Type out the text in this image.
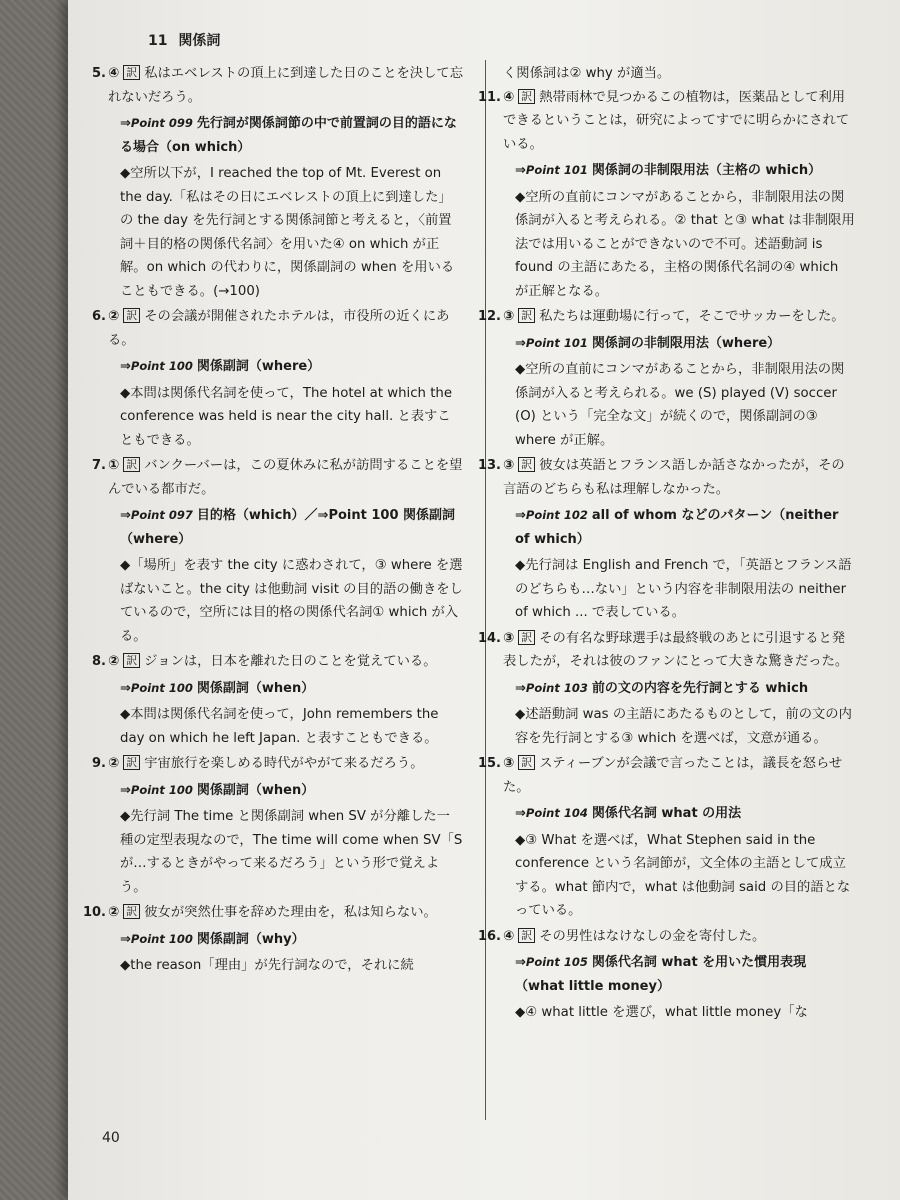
11 関係詞
40
5. ④ 訳 私はエベレストの頂上に到達した日のことを決して忘れないだろう。
⇒Point 099 先行詞が関係詞節の中で前置詞の目的語になる場合（on which）
◆空所以下が，I reached the top of Mt. Everest on the day.「私はその日にエベレストの頂上に到達した」の the day を先行詞とする関係詞節と考えると，〈前置詞＋目的格の関係代名詞〉を用いた④ on which が正解。on which の代わりに，関係副詞の when を用いることもできる。(→100)
6. ② 訳 その会議が開催されたホテルは，市役所の近くにある。
⇒Point 100 関係副詞（where）
◆本問は関係代名詞を使って，The hotel at which the conference was held is near the city hall. と表すこともできる。
7. ① 訳 バンクーバーは，この夏休みに私が訪問することを望んでいる都市だ。
⇒Point 097 目的格（which）／⇒Point 100 関係副詞（where）
◆「場所」を表す the city に惑わされて，③ where を選ばないこと。the city は他動詞 visit の目的語の働きをしているので，空所には目的格の関係代名詞① which が入る。
8. ② 訳 ジョンは，日本を離れた日のことを覚えている。
⇒Point 100 関係副詞（when）
◆本問は関係代名詞を使って，John remembers the day on which he left Japan. と表すこともできる。
9. ② 訳 宇宙旅行を楽しめる時代がやがて来るだろう。
⇒Point 100 関係副詞（when）
◆先行詞 The time と関係副詞 when SV が分離した一種の定型表現なので，The time will come when SV「Sが…するときがやって来るだろう」という形で覚えよう。
10. ② 訳 彼女が突然仕事を辞めた理由を，私は知らない。
⇒Point 100 関係副詞（why）
◆the reason「理由」が先行詞なので，それに続
く関係詞は② why が適当。
11. ④ 訳 熱帯雨林で見つかるこの植物は，医薬品として利用できるということは，研究によってすでに明らかにされている。
⇒Point 101 関係詞の非制限用法（主格の which）
◆空所の直前にコンマがあることから，非制限用法の関係詞が入ると考えられる。② that と③ what は非制限用法では用いることができないので不可。述語動詞 is found の主語にあたる，主格の関係代名詞の④ which が正解となる。
12. ③ 訳 私たちは運動場に行って，そこでサッカーをした。
⇒Point 101 関係詞の非制限用法（where）
◆空所の直前にコンマがあることから，非制限用法の関係詞が入ると考えられる。we (S) played (V) soccer (O) という「完全な文」が続くので，関係副詞の③ where が正解。
13. ③ 訳 彼女は英語とフランス語しか話さなかったが，その言語のどちらも私は理解しなかった。
⇒Point 102 all of whom などのパターン（neither of which）
◆先行詞は English and French で，「英語とフランス語のどちらも…ない」という内容を非制限用法の neither of which ... で表している。
14. ③ 訳 その有名な野球選手は最終戦のあとに引退すると発表したが，それは彼のファンにとって大きな驚きだった。
⇒Point 103 前の文の内容を先行詞とする which
◆述語動詞 was の主語にあたるものとして，前の文の内容を先行詞とする③ which を選べば，文意が通る。
15. ③ 訳 スティーブンが会議で言ったことは，議長を怒らせた。
⇒Point 104 関係代名詞 what の用法
◆③ What を選べば，What Stephen said in the conference という名詞節が，文全体の主語として成立する。what 節内で，what は他動詞 said の目的語となっている。
16. ④ 訳 その男性はなけなしの金を寄付した。
⇒Point 105 関係代名詞 what を用いた慣用表現（what little money）
◆④ what little を選び，what little money「な
